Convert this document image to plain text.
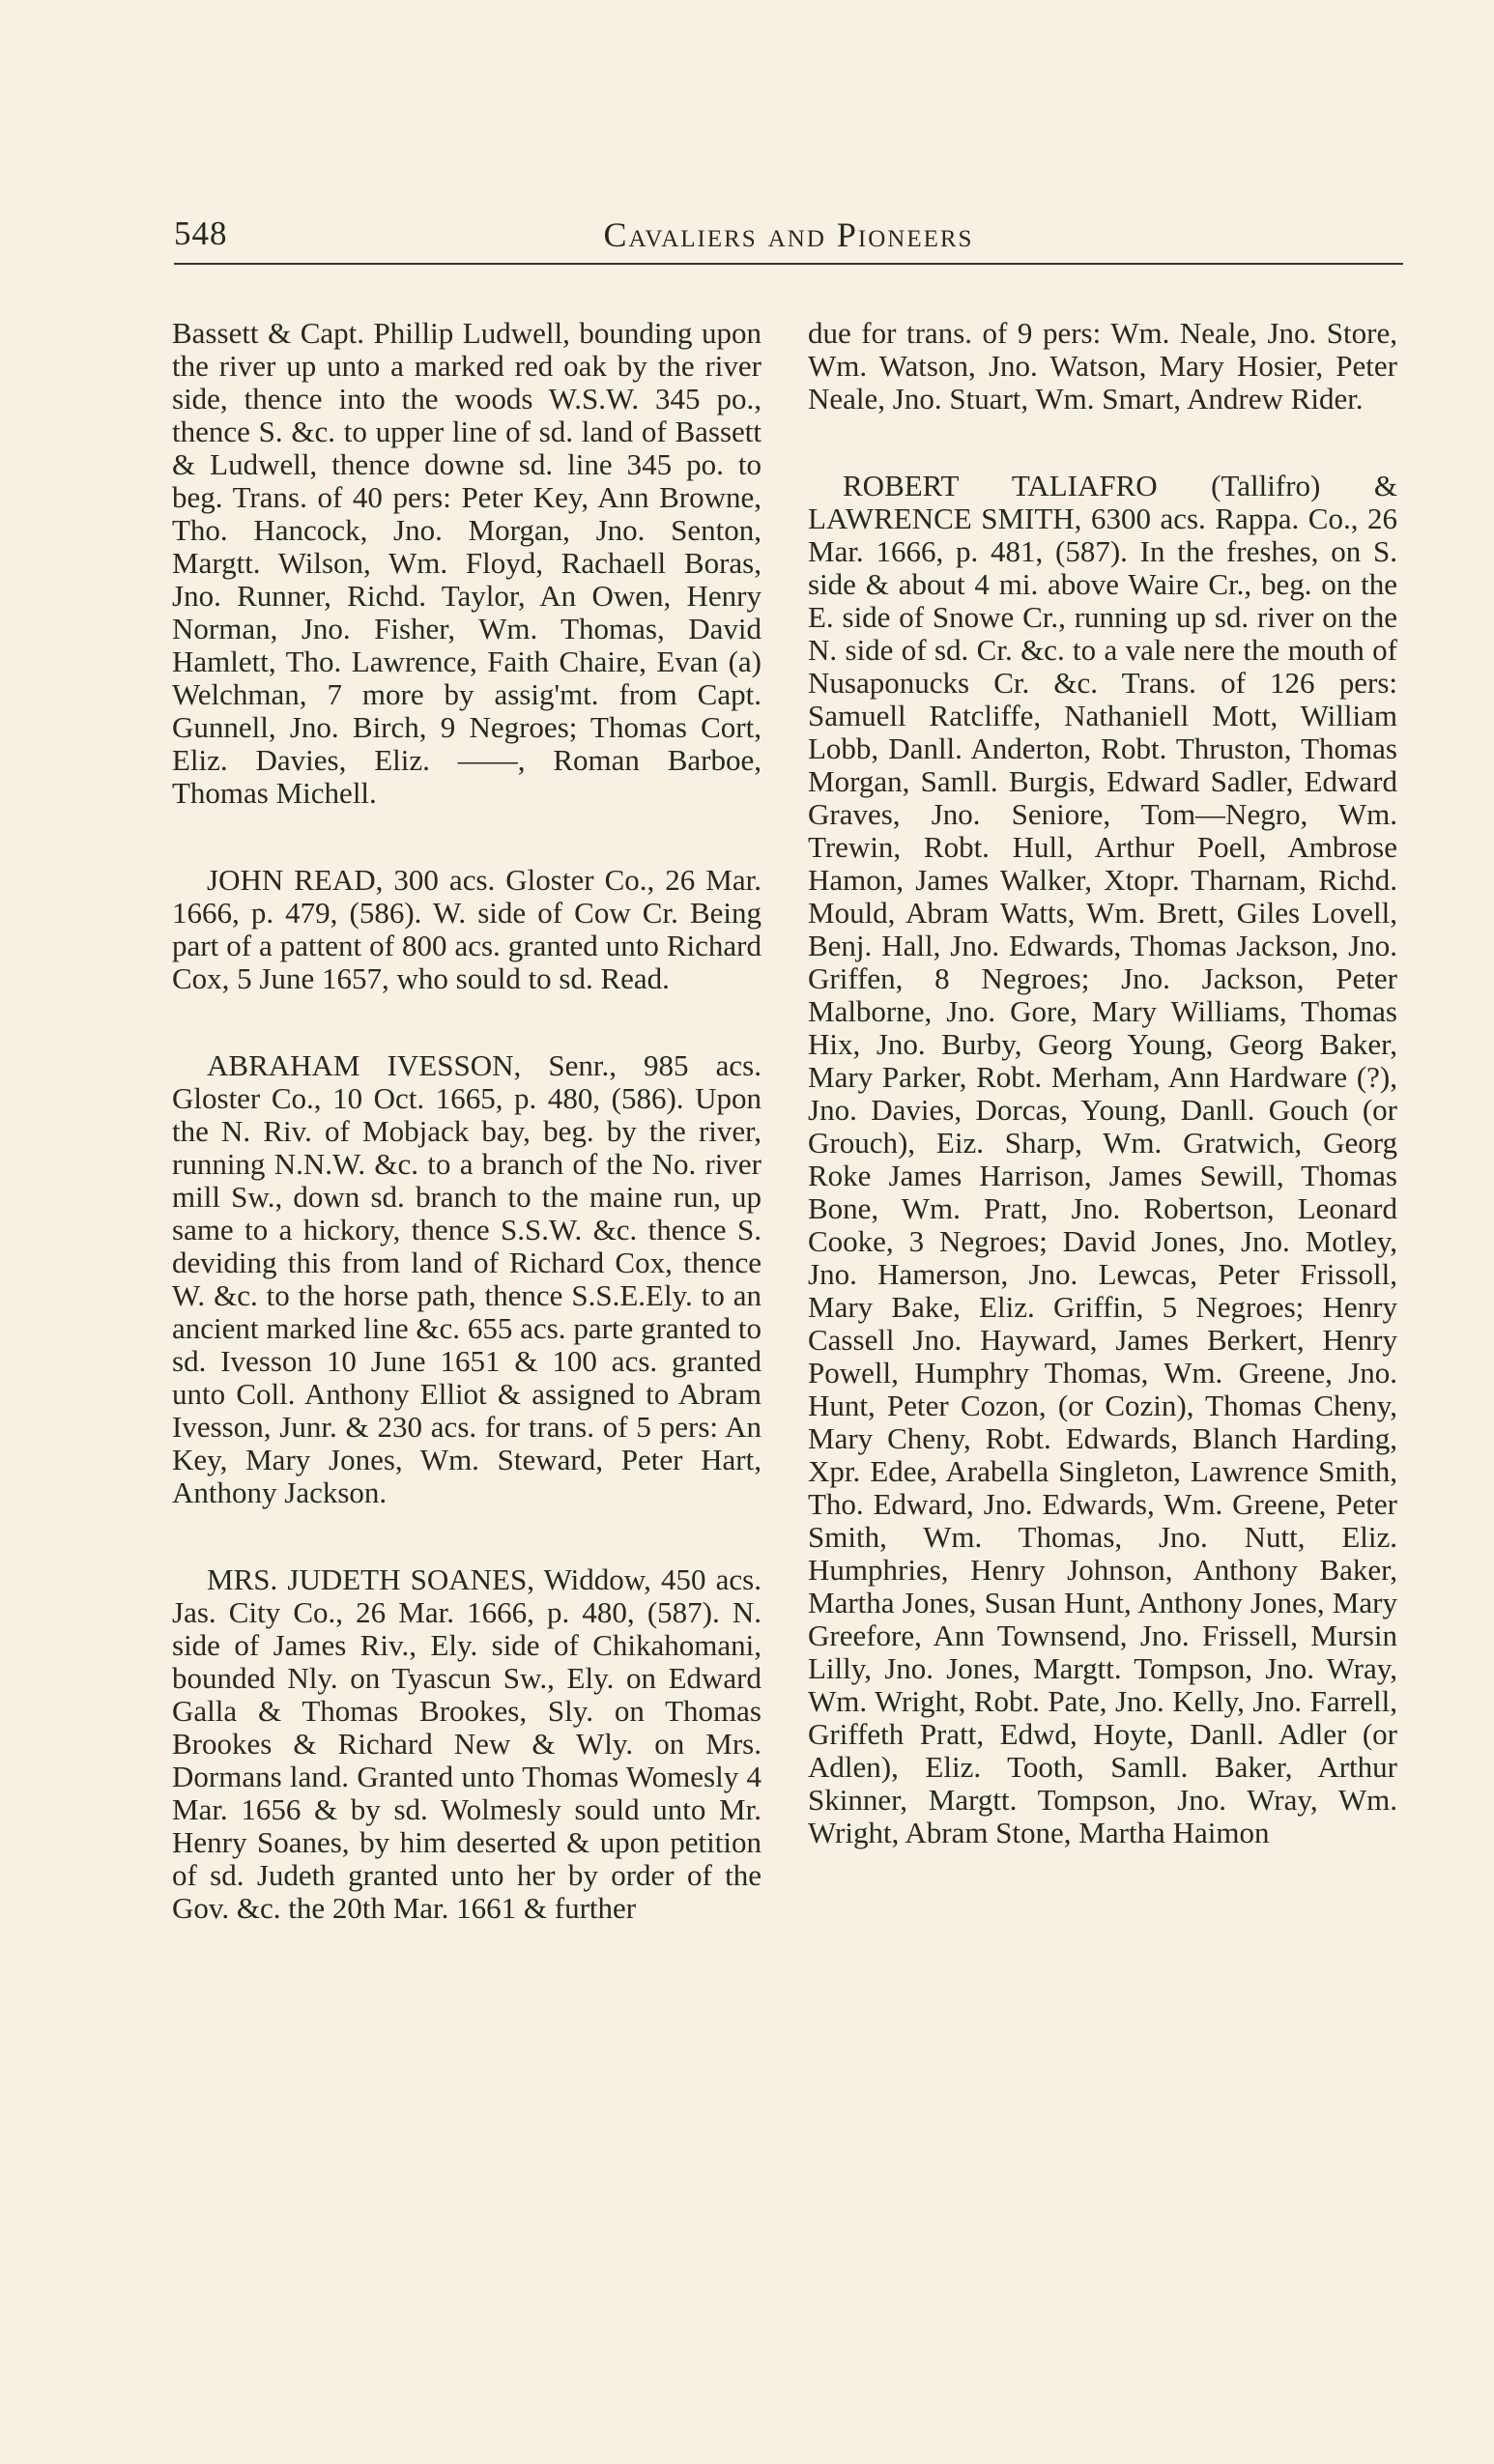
548	Cavaliers and Pioneers

Bassett & Capt. Phillip Ludwell, bounding upon the river up unto a marked red oak by the river side, thence into the woods W.S.W. 345 po., thence S. &c. to upper line of sd. land of Bassett & Ludwell, thence downe sd. line 345 po. to beg. Trans. of 40 pers: Peter Key, Ann Browne, Tho. Hancock, Jno. Morgan, Jno. Senton, Margtt. Wilson, Wm. Floyd, Rachaell Boras, Jno. Runner, Richd. Taylor, An Owen, Henry Norman, Jno. Fisher, Wm. Thomas, David Hamlett, Tho. Lawrence, Faith Chaire, Evan (a) Welchman, 7 more by assig'mt. from Capt. Gunnell, Jno. Birch, 9 Negroes; Thomas Cort, Eliz. Davies, Eliz. ——, Roman Barboe, Thomas Michell.

JOHN READ, 300 acs. Gloster Co., 26 Mar. 1666, p. 479, (586). W. side of Cow Cr. Being part of a pattent of 800 acs. granted unto Richard Cox, 5 June 1657, who sould to sd. Read.

ABRAHAM IVESSON, Senr., 985 acs. Gloster Co., 10 Oct. 1665, p. 480, (586). Upon the N. Riv. of Mobjack bay, beg. by the river, running N.N.W. &c. to a branch of the No. river mill Sw., down sd. branch to the maine run, up same to a hickory, thence S.S.W. &c. thence S. deviding this from land of Richard Cox, thence W. &c. to the horse path, thence S.S.E.Ely. to an ancient marked line &c. 655 acs. parte granted to sd. Ivesson 10 June 1651 & 100 acs. granted unto Coll. Anthony Elliot & assigned to Abram Ivesson, Junr. & 230 acs. for trans. of 5 pers: An Key, Mary Jones, Wm. Steward, Peter Hart, Anthony Jackson.

MRS. JUDETH SOANES, Widdow, 450 acs. Jas. City Co., 26 Mar. 1666, p. 480, (587). N. side of James Riv., Ely. side of Chikahomani, bounded Nly. on Tyascun Sw., Ely. on Edward Galla & Thomas Brookes, Sly. on Thomas Brookes & Richard New & Wly. on Mrs. Dormans land. Granted unto Thomas Womesly 4 Mar. 1656 & by sd. Wolmesly sould unto Mr. Henry Soanes, by him deserted & upon petition of sd. Judeth granted unto her by order of the Gov. &c. the 20th Mar. 1661 & further

due for trans. of 9 pers: Wm. Neale, Jno. Store, Wm. Watson, Jno. Watson, Mary Hosier, Peter Neale, Jno. Stuart, Wm. Smart, Andrew Rider.

ROBERT TALIAFRO (Tallifro) & LAWRENCE SMITH, 6300 acs. Rappa. Co., 26 Mar. 1666, p. 481, (587). In the freshes, on S. side & about 4 mi. above Waire Cr., beg. on the E. side of Snowe Cr., running up sd. river on the N. side of sd. Cr. &c. to a vale nere the mouth of Nusaponucks Cr. &c. Trans. of 126 pers: Samuell Ratcliffe, Nathaniell Mott, William Lobb, Danll. Anderton, Robt. Thruston, Thomas Morgan, Samll. Burgis, Edward Sadler, Edward Graves, Jno. Seniore, Tom—Negro, Wm. Trewin, Robt. Hull, Arthur Poell, Ambrose Hamon, James Walker, Xtopr. Tharnam, Richd. Mould, Abram Watts, Wm. Brett, Giles Lovell, Benj. Hall, Jno. Edwards, Thomas Jackson, Jno. Griffen, 8 Negroes; Jno. Jackson, Peter Malborne, Jno. Gore, Mary Williams, Thomas Hix, Jno. Burby, Georg Young, Georg Baker, Mary Parker, Robt. Merham, Ann Hardware (?), Jno. Davies, Dorcas, Young, Danll. Gouch (or Grouch), Eiz. Sharp, Wm. Gratwich, Georg Roke James Harrison, James Sewill, Thomas Bone, Wm. Pratt, Jno. Robertson, Leonard Cooke, 3 Negroes; David Jones, Jno. Motley, Jno. Hamerson, Jno. Lewcas, Peter Frissoll, Mary Bake, Eliz. Griffin, 5 Negroes; Henry Cassell Jno. Hayward, James Berkert, Henry Powell, Humphry Thomas, Wm. Greene, Jno. Hunt, Peter Cozon, (or Cozin), Thomas Cheny, Mary Cheny, Robt. Edwards, Blanch Harding, Xpr. Edee, Arabella Singleton, Lawrence Smith, Tho. Edward, Jno. Edwards, Wm. Greene, Peter Smith, Wm. Thomas, Jno. Nutt, Eliz. Humphries, Henry Johnson, Anthony Baker, Martha Jones, Susan Hunt, Anthony Jones, Mary Greefore, Ann Townsend, Jno. Frissell, Mursin Lilly, Jno. Jones, Margtt. Tompson, Jno. Wray, Wm. Wright, Robt. Pate, Jno. Kelly, Jno. Farrell, Griffeth Pratt, Edwd, Hoyte, Danll. Adler (or Adlen), Eliz. Tooth, Samll. Baker, Arthur Skinner, Margtt. Tompson, Jno. Wray, Wm. Wright, Abram Stone, Martha Haimon
